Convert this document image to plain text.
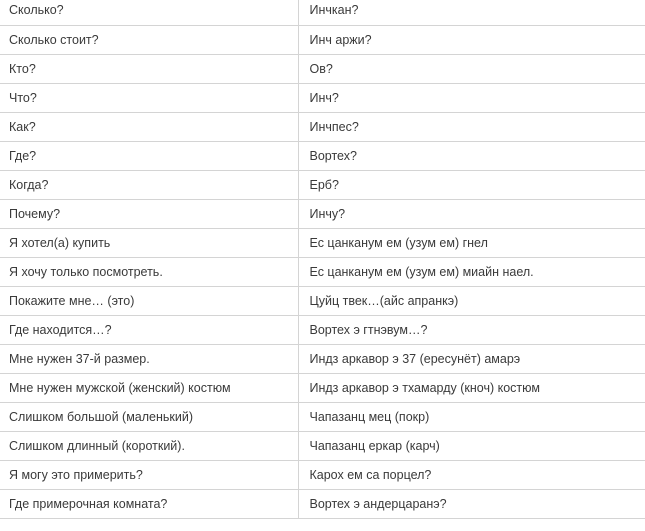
Сколько?	Инчкан?
Сколько стоит?	Инч аржи?
Кто?	Ов?
Что?	Инч?
Как?	Инчпес?
Где?	Вортех?
Когда?	Ерб?
Почему?	Инчу?
Я хотел(а) купить	Ес цанканум ем (узум ем) гнел
Я хочу только посмотреть.	Ес цанканум ем (узум ем) миайн наел.
Покажите мне… (это)	Цуйц твек…(айс апранкэ)
Где находится…?	Вортех э гтнэвум…?
Мне нужен 37-й размер.	Индз аркавор э 37 (ересунёт) амарэ
Мне нужен мужской (женский) костюм	Индз аркавор э тхамарду (кноч) костюм
Слишком большой (маленький)	Чапазанц мец (покр)
Слишком длинный (короткий).	Чапазанц еркар (карч)
Я могу это примерить?	Карох ем са порцел?
Где примерочная комната?	Вортех э андерцаранэ?
